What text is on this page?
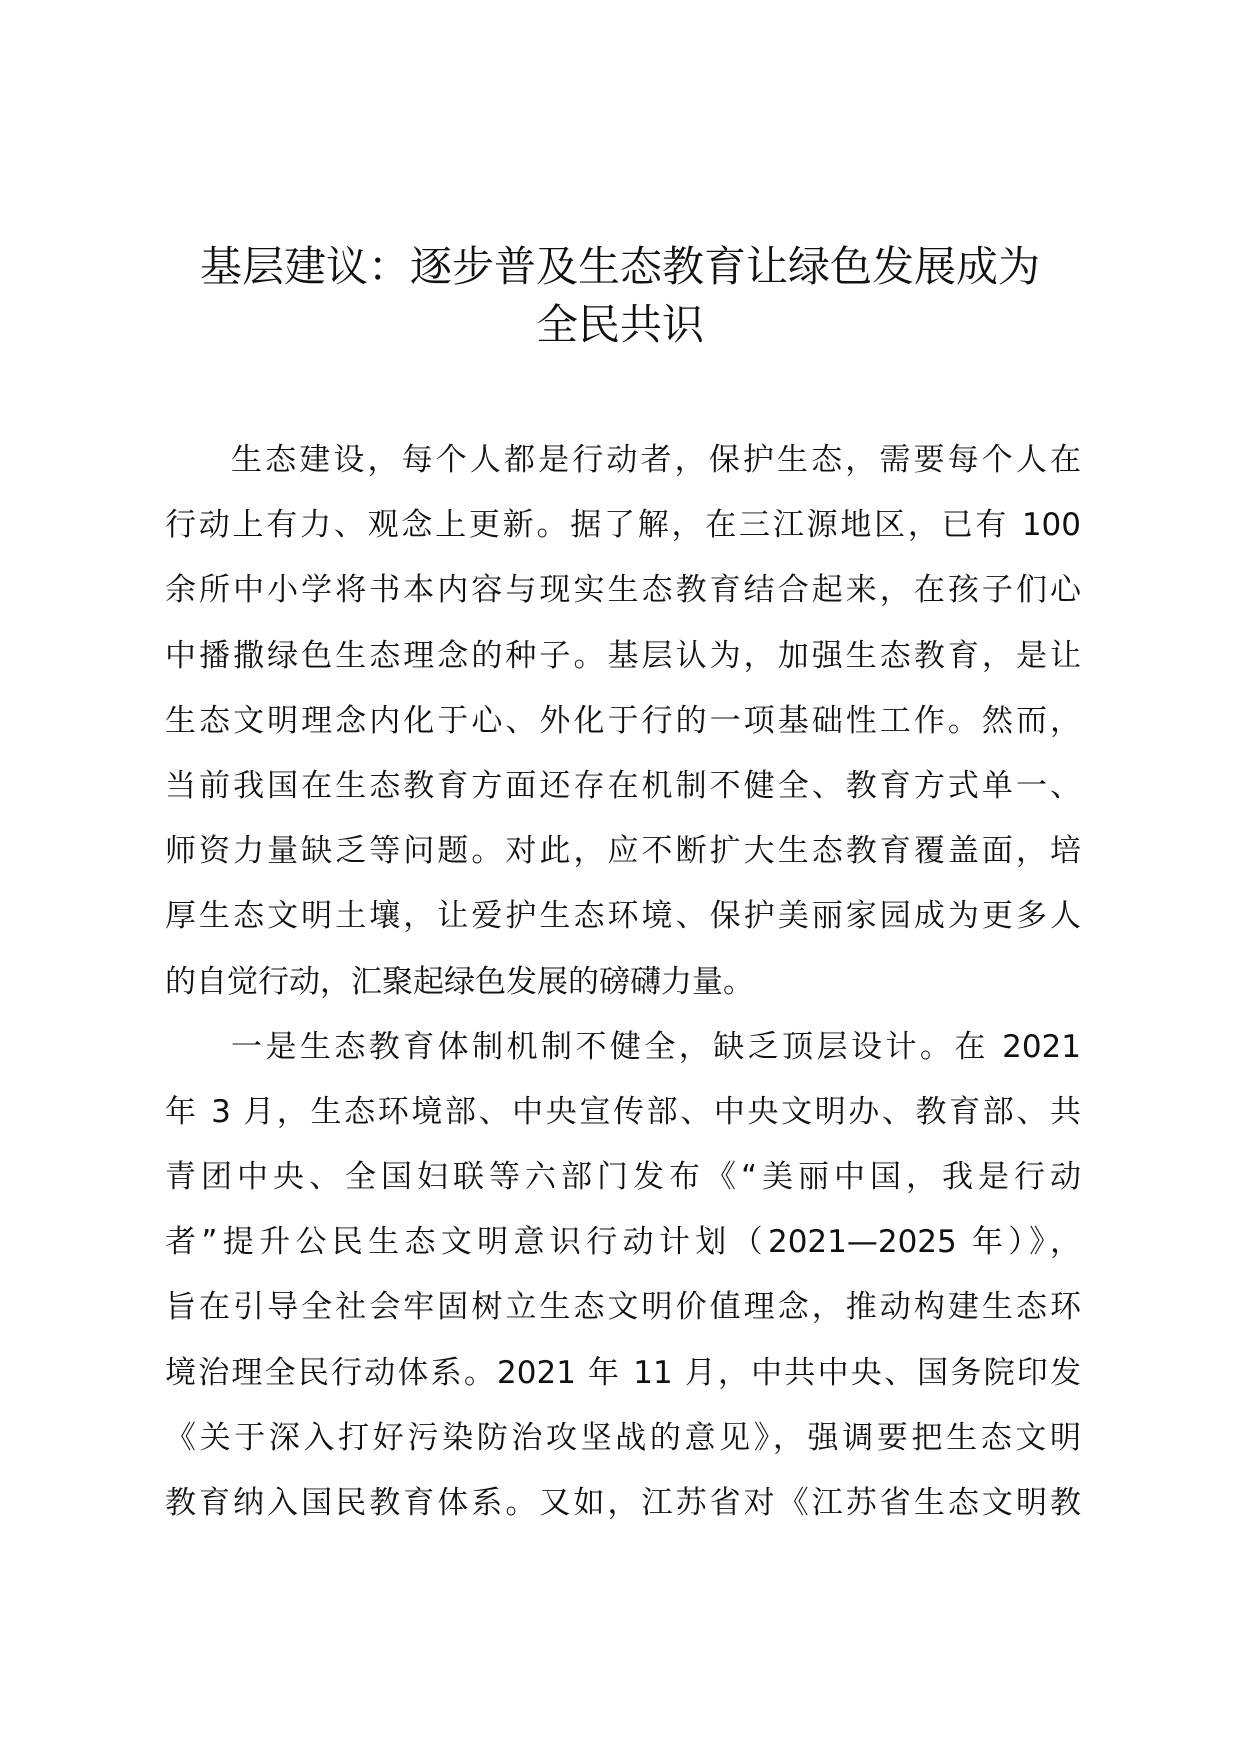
基层建议：逐步普及生态教育让绿色发展成为
全民共识
生态建设，每个人都是行动者，保护生态，需要每个人在
行动上有力、观念上更新。据了解，在三江源地区，已有 100
余所中小学将书本内容与现实生态教育结合起来，在孩子们心
中播撒绿色生态理念的种子。基层认为，加强生态教育，是让
生态文明理念内化于心、外化于行的一项基础性工作。然而，
当前我国在生态教育方面还存在机制不健全、教育方式单一、
师资力量缺乏等问题。对此，应不断扩大生态教育覆盖面，培
厚生态文明土壤，让爱护生态环境、保护美丽家园成为更多人
的自觉行动，汇聚起绿色发展的磅礴力量。
一是生态教育体制机制不健全，缺乏顶层设计。在 2021
年 3 月，生态环境部、中央宣传部、中央文明办、教育部、共
青团中央、全国妇联等六部门发布《“美丽中国，我是行动
者”提升公民生态文明意识行动计划（2021—2025 年）》，
旨在引导全社会牢固树立生态文明价值理念，推动构建生态环
境治理全民行动体系。2021 年 11 月，中共中央、国务院印发
《关于深入打好污染防治攻坚战的意见》，强调要把生态文明
教育纳入国民教育体系。又如，江苏省对《江苏省生态文明教
